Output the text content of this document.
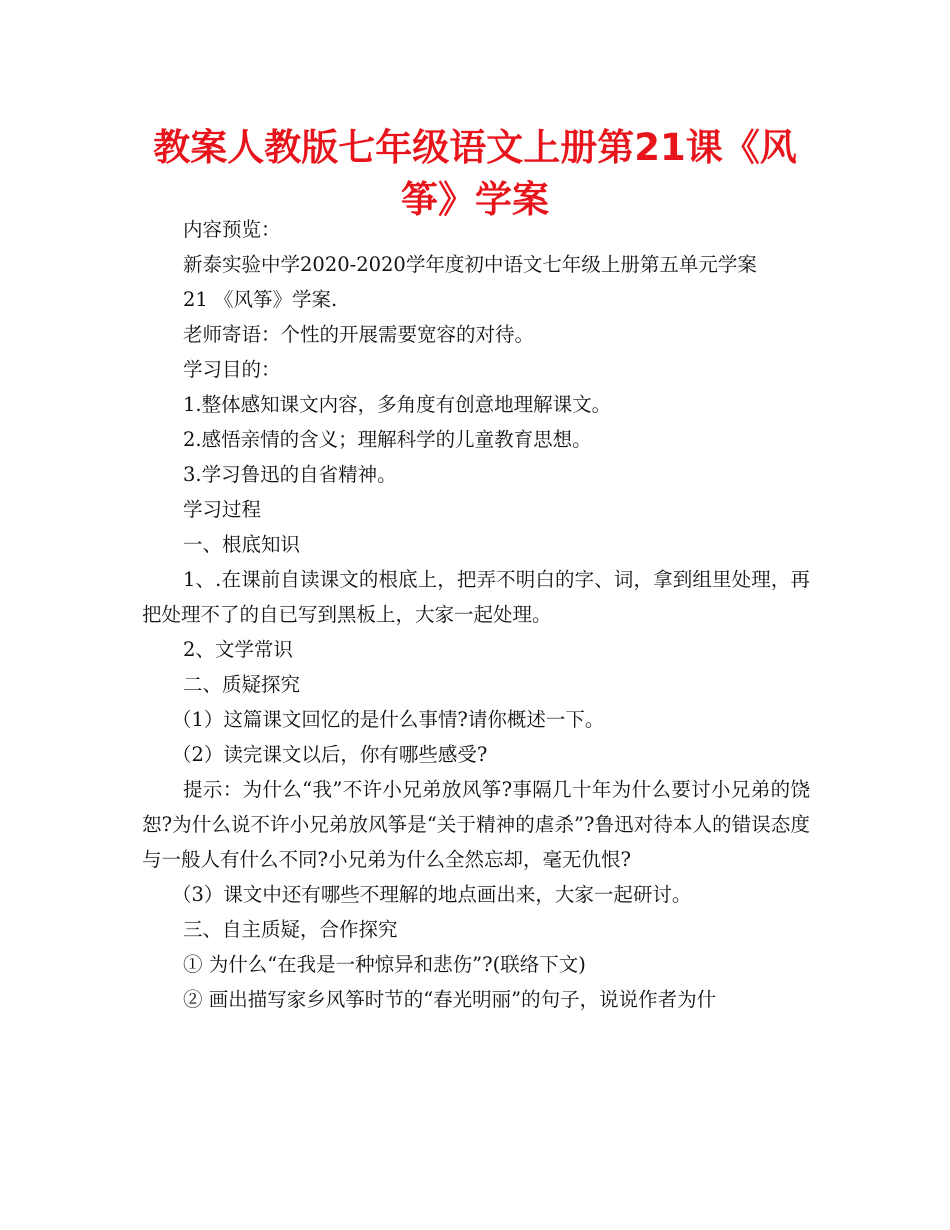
教案人教版七年级语文上册第21课《风筝》学案

内容预览：

新泰实验中学2020-2020学年度初中语文七年级上册第五单元学案

21 《风筝》学案.

老师寄语：个性的开展需要宽容的对待。

学习目的：

1.整体感知课文内容，多角度有创意地理解课文。

2.感悟亲情的含义；理解科学的儿童教育思想。

3.学习鲁迅的自省精神。

学习过程

一、根底知识

1、.在课前自读课文的根底上，把弄不明白的字、词，拿到组里处理，再把处理不了的自已写到黑板上，大家一起处理。

2、文学常识

二、质疑探究

（1）这篇课文回忆的是什么事情?请你概述一下。

（2）读完课文以后，你有哪些感受?

提示：为什么“我”不许小兄弟放风筝?事隔几十年为什么要讨小兄弟的饶恕?为什么说不许小兄弟放风筝是“关于精神的虐杀”?鲁迅对待本人的错误态度与一般人有什么不同?小兄弟为什么全然忘却，毫无仇恨?

（3）课文中还有哪些不理解的地点画出来，大家一起研讨。

三、自主质疑，合作探究

① 为什么“在我是一种惊异和悲伤”?(联络下文)

② 画出描写家乡风筝时节的“春光明丽”的句子，说说作者为什
